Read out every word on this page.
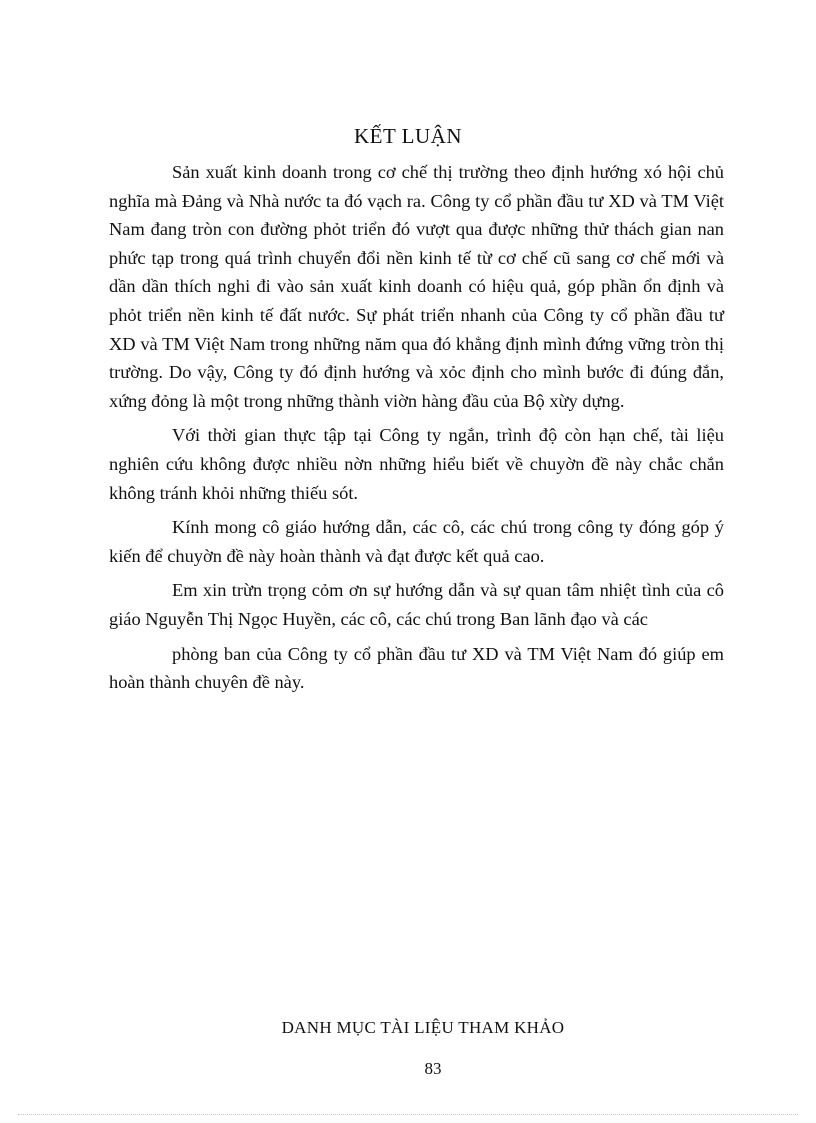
KẾT LUẬN

Sản xuất kinh doanh trong cơ chế thị trường theo định hướng xó hội chủ nghĩa mà Đảng và Nhà nước ta đó vạch ra. Công ty cổ phần đầu tư XD và TM Việt Nam đang tròn con đường phỏt triển đó vượt qua được những thử thách gian nan phức tạp trong quá trình chuyển đổi nền kinh tế từ cơ chế cũ sang cơ chế mới và dần dần thích nghi đi vào sản xuất kinh doanh có hiệu quả, góp phần ổn định và phỏt triển nền kinh tế đất nước. Sự phát triển nhanh của Công ty cổ phần đầu tư XD và TM Việt Nam trong những năm qua đó khẳng định mình đứng vững tròn thị trường. Do vậy, Công ty đó định hướng và xỏc định cho mình bước đi đúng đắn, xứng đỏng là một trong những thành viờn hàng đầu của Bộ xừy dựng.

Với thời gian thực tập tại Công ty ngắn, trình độ còn hạn chế, tài liệu nghiên cứu không được nhiều nờn những hiểu biết về chuyờn đề này chắc chắn không tránh khỏi những thiếu sót.

Kính mong cô giáo hướng dẫn, các cô, các chú trong công ty đóng góp ý kiến để chuyờn đề này hoàn thành và đạt được kết quả cao.

Em xin trừn trọng cỏm ơn sự hướng dẫn và sự quan tâm nhiệt tình của cô giáo Nguyễn Thị Ngọc Huyền, các cô, các chú trong Ban lãnh đạo và các

phòng ban của Công ty cổ phần đầu tư XD và TM Việt Nam đó giúp em hoàn thành chuyên đề này.

DANH MỤC TÀI LIỆU THAM KHẢO
83
